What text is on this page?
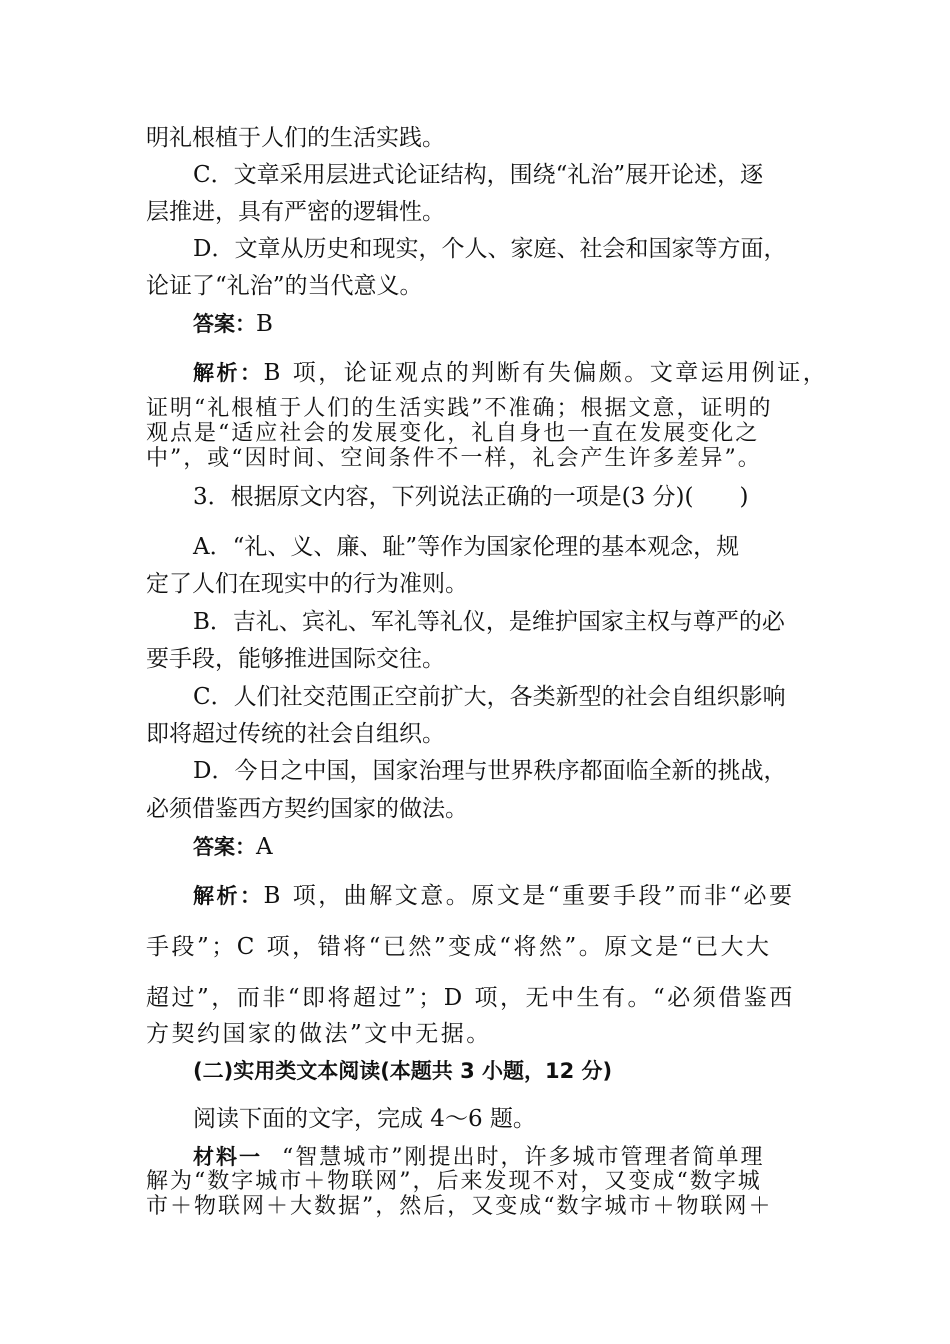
明礼根植于人们的生活实践。
C．文章采用层进式论证结构，围绕“礼治”展开论述，逐
层推进，具有严密的逻辑性。
D．文章从历史和现实，个人、家庭、社会和国家等方面，
论证了“礼治”的当代意义。
答案：B
解析：B 项，论证观点的判断有失偏颇。文章运用例证，
证明“礼根植于人们的生活实践”不准确；根据文意，证明的
观点是“适应社会的发展变化，礼自身也一直在发展变化之
中”，或“因时间、空间条件不一样，礼会产生许多差异”。
3．根据原文内容，下列说法正确的一项是(3 分)(　　)
A．“礼、义、廉、耻”等作为国家伦理的基本观念，规
定了人们在现实中的行为准则。
B．吉礼、宾礼、军礼等礼仪，是维护国家主权与尊严的必
要手段，能够推进国际交往。
C．人们社交范围正空前扩大，各类新型的社会自组织影响
即将超过传统的社会自组织。
D．今日之中国，国家治理与世界秩序都面临全新的挑战，
必须借鉴西方契约国家的做法。
答案：A
解析：B 项，曲解文意。原文是“重要手段”而非“必要
手段”；C 项，错将“已然”变成“将然”。原文是“已大大
超过”，而非“即将超过”；D 项，无中生有。“必须借鉴西
方契约国家的做法”文中无据。
(二)实用类文本阅读(本题共 3 小题，12 分)
阅读下面的文字，完成 4～6 题。
材料一 “智慧城市”刚提出时，许多城市管理者简单理
解为“数字城市＋物联网”，后来发现不对，又变成“数字城
市＋物联网＋大数据”，然后，又变成“数字城市＋物联网＋
